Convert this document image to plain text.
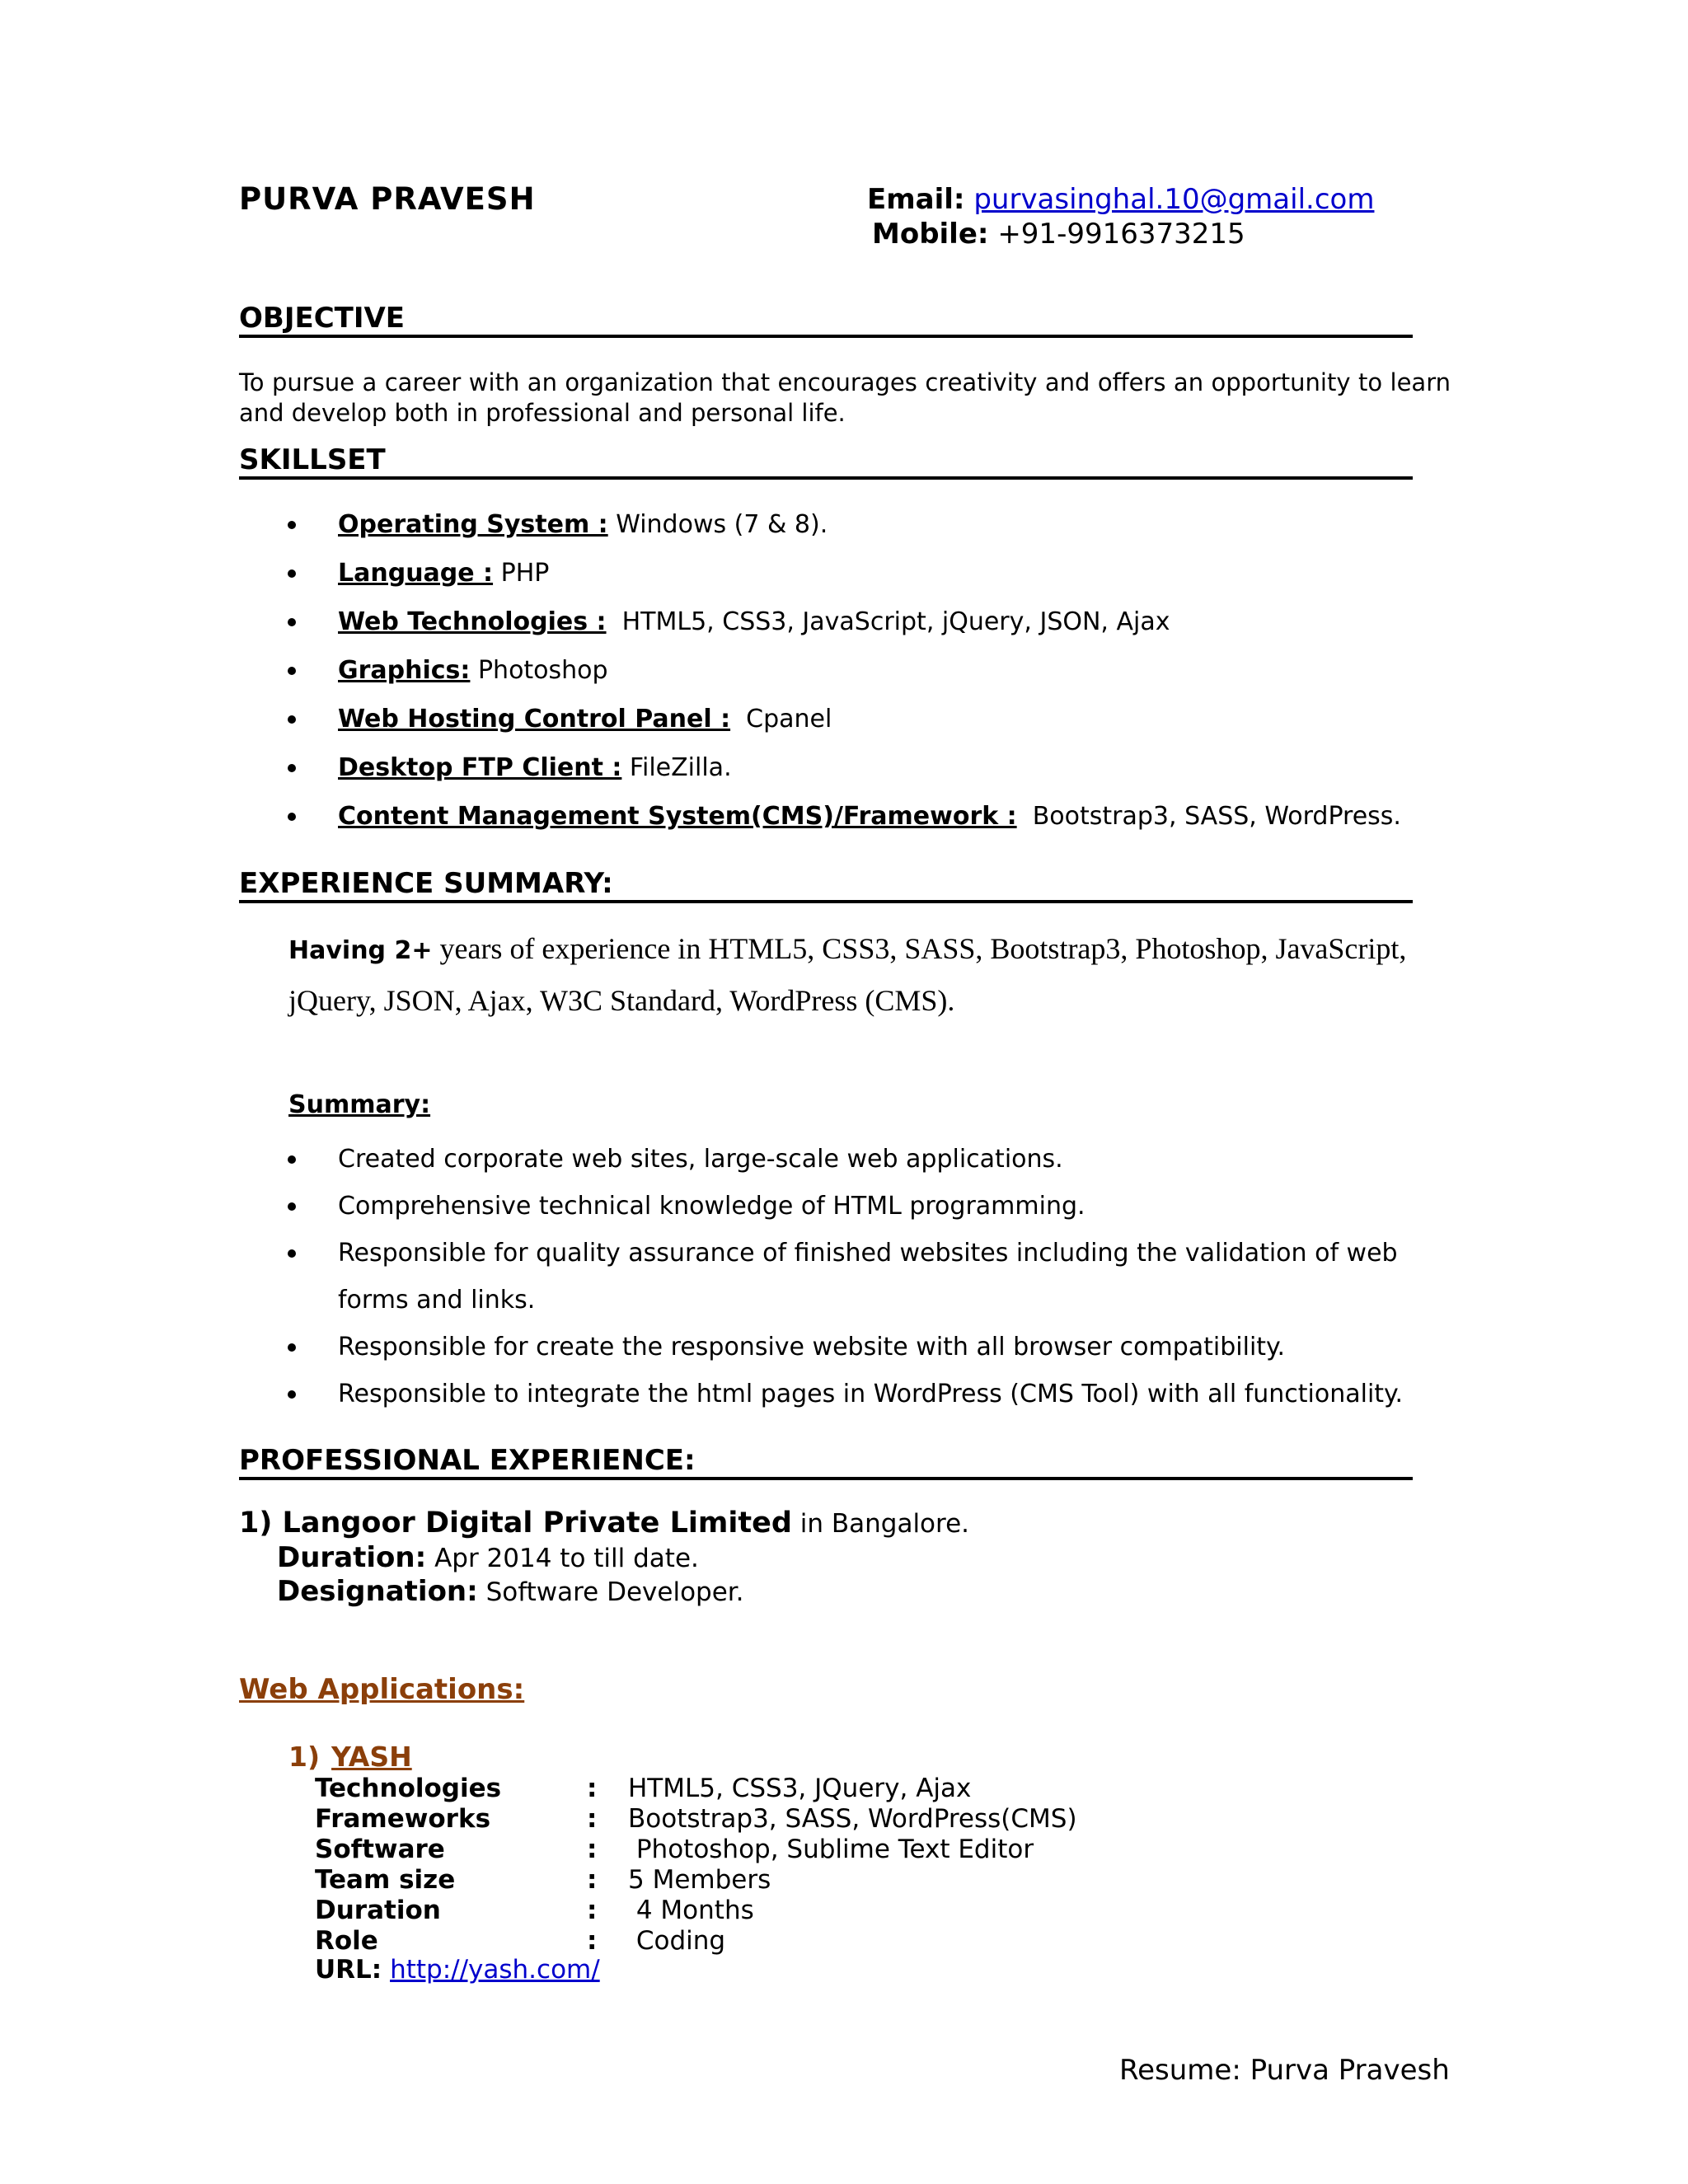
PURVA PRAVESH	Email: purvasinghal.10@gmail.com
Mobile: +91-9916373215
OBJECTIVE
To pursue a career with an organization that encourages creativity and offers an opportunity to learn and develop both in professional and personal life.
SKILLSET
Operating System : Windows (7 & 8).
Language : PHP
Web Technologies :  HTML5, CSS3, JavaScript, jQuery, JSON, Ajax
Graphics: Photoshop
Web Hosting Control Panel :  Cpanel
Desktop FTP Client : FileZilla.
Content Management System(CMS)/Framework :  Bootstrap3, SASS, WordPress.
EXPERIENCE SUMMARY:
Having 2+ years of experience in HTML5, CSS3, SASS, Bootstrap3, Photoshop, JavaScript,
jQuery, JSON, Ajax, W3C Standard, WordPress (CMS).
Summary:
Created corporate web sites, large-scale web applications.
Comprehensive technical knowledge of HTML programming.
Responsible for quality assurance of finished websites including the validation of web forms and links.
Responsible for create the responsive website with all browser compatibility.
Responsible to integrate the html pages in WordPress (CMS Tool) with all functionality.
PROFESSIONAL EXPERIENCE:
1) Langoor Digital Private Limited in Bangalore.
Duration: Apr 2014 to till date.
Designation: Software Developer.
Web Applications:
1) YASH
Technologies	:	HTML5, CSS3, JQuery, Ajax
Frameworks	:	Bootstrap3, SASS, WordPress(CMS)
Software	:	Photoshop, Sublime Text Editor
Team size	:	5 Members
Duration	:	4 Months
Role	:	Coding
URL: http://yash.com/
Resume: Purva Pravesh
